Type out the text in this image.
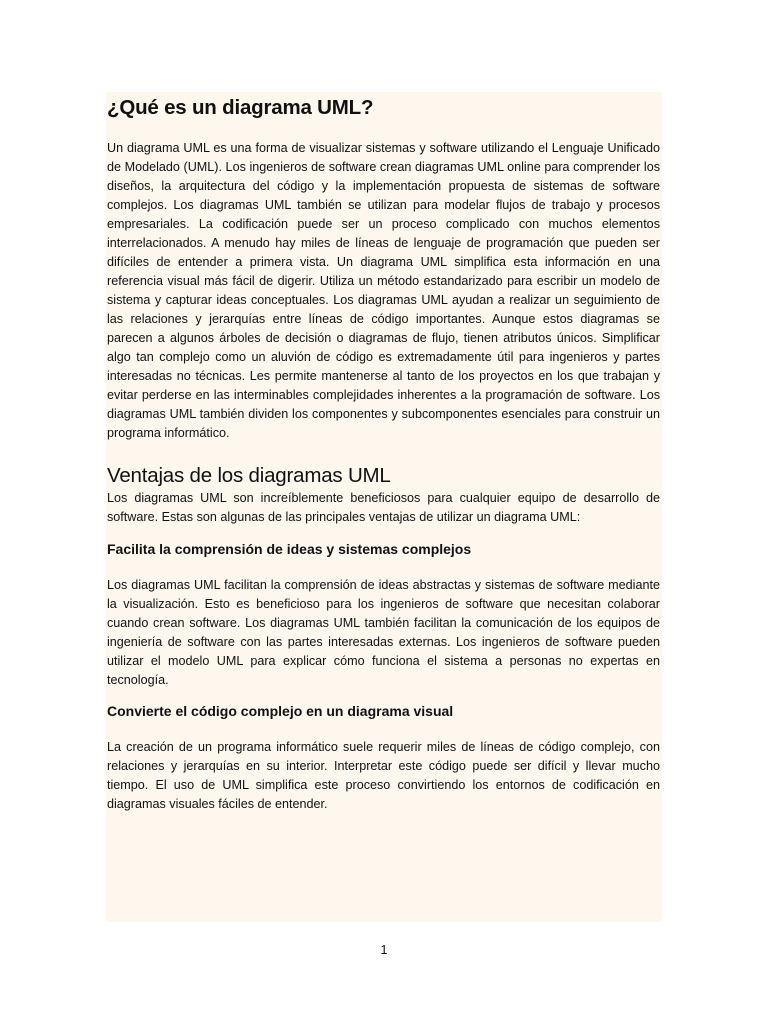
¿Qué es un diagrama UML?

Un diagrama UML es una forma de visualizar sistemas y software utilizando el Lenguaje Unificado de Modelado (UML). Los ingenieros de software crean diagramas UML online para comprender los diseños, la arquitectura del código y la implementación propuesta de sistemas de software complejos. Los diagramas UML también se utilizan para modelar flujos de trabajo y procesos empresariales. La codificación puede ser un proceso complicado con muchos elementos interrelacionados. A menudo hay miles de líneas de lenguaje de programación que pueden ser difíciles de entender a primera vista. Un diagrama UML simplifica esta información en una referencia visual más fácil de digerir. Utiliza un método estandarizado para escribir un modelo de sistema y capturar ideas conceptuales. Los diagramas UML ayudan a realizar un seguimiento de las relaciones y jerarquías entre líneas de código importantes. Aunque estos diagramas se parecen a algunos árboles de decisión o diagramas de flujo, tienen atributos únicos. Simplificar algo tan complejo como un aluvión de código es extremadamente útil para ingenieros y partes interesadas no técnicas. Les permite mantenerse al tanto de los proyectos en los que trabajan y evitar perderse en las interminables complejidades inherentes a la programación de software. Los diagramas UML también dividen los componentes y subcomponentes esenciales para construir un programa informático.

Ventajas de los diagramas UML

Los diagramas UML son increíblemente beneficiosos para cualquier equipo de desarrollo de software. Estas son algunas de las principales ventajas de utilizar un diagrama UML:

Facilita la comprensión de ideas y sistemas complejos

Los diagramas UML facilitan la comprensión de ideas abstractas y sistemas de software mediante la visualización. Esto es beneficioso para los ingenieros de software que necesitan colaborar cuando crean software. Los diagramas UML también facilitan la comunicación de los equipos de ingeniería de software con las partes interesadas externas. Los ingenieros de software pueden utilizar el modelo UML para explicar cómo funciona el sistema a personas no expertas en tecnología.

Convierte el código complejo en un diagrama visual

La creación de un programa informático suele requerir miles de líneas de código complejo, con relaciones y jerarquías en su interior. Interpretar este código puede ser difícil y llevar mucho tiempo. El uso de UML simplifica este proceso convirtiendo los entornos de codificación en diagramas visuales fáciles de entender.

1
